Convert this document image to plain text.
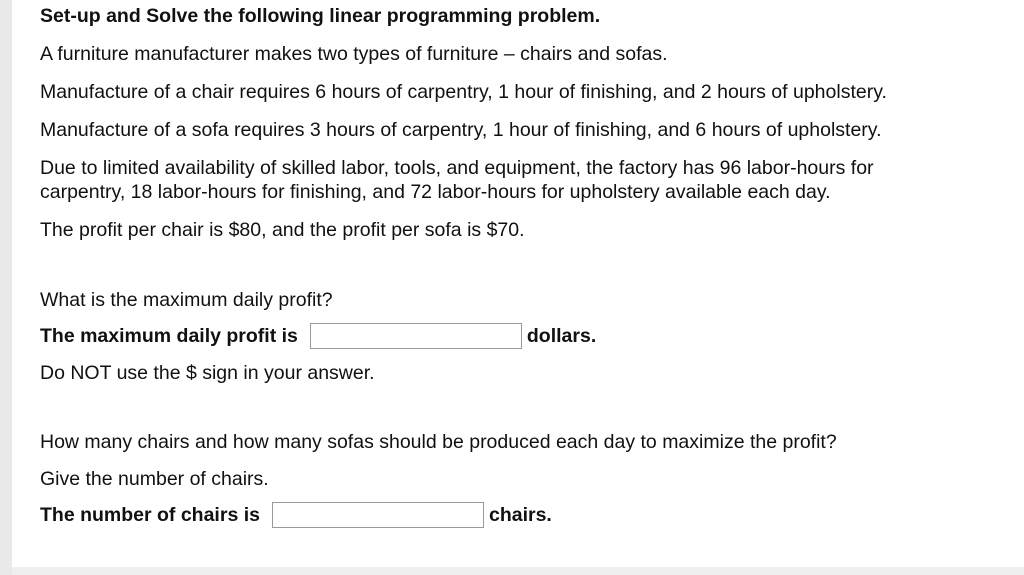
Set-up and Solve the following linear programming problem.

A furniture manufacturer makes two types of furniture – chairs and sofas.

Manufacture of a chair requires 6 hours of carpentry, 1 hour of finishing, and 2 hours of upholstery.

Manufacture of a sofa requires 3 hours of carpentry, 1 hour of finishing, and 6 hours of upholstery.

Due to limited availability of skilled labor, tools, and equipment, the factory has 96 labor-hours for

carpentry, 18 labor-hours for finishing, and 72 labor-hours for upholstery available each day.

The profit per chair is $80, and the profit per sofa is $70.

What is the maximum daily profit?

The maximum daily profit is	dollars.

Do NOT use the $ sign in your answer.

How many chairs and how many sofas should be produced each day to maximize the profit?

Give the number of chairs.

The number of chairs is	chairs.
